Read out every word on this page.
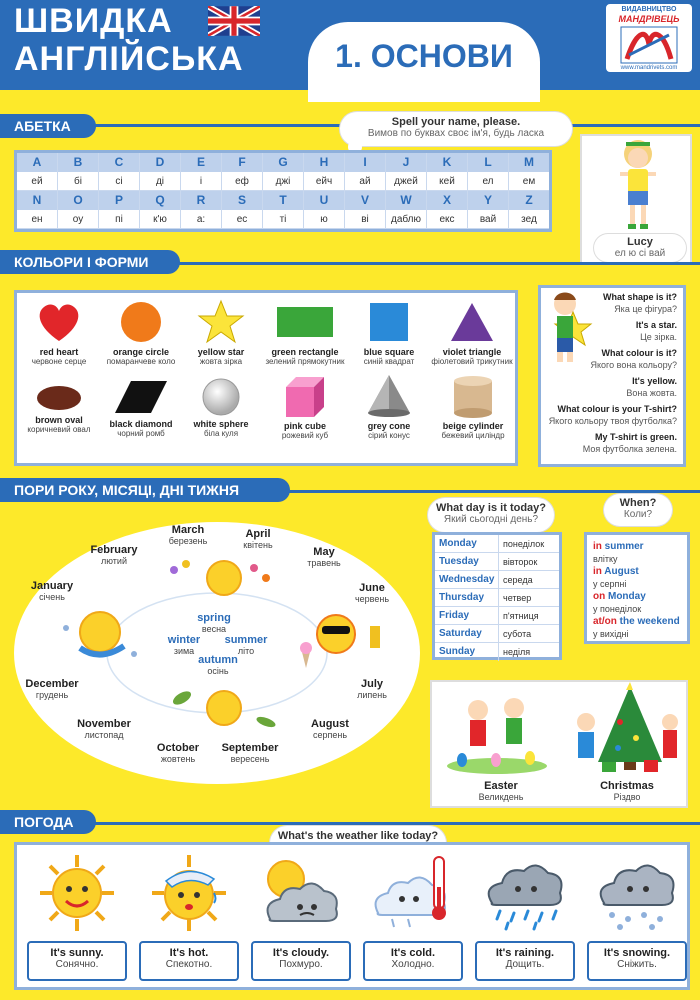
ШВИДКА
АНГЛІЙСЬКА	1. ОСНОВИ
ВИДАВНИЦТВО
МАНДРІВЕЦЬ
www.mandrivets.com
АБЕТКА	Spell your name, please.
Вимов по буквах своє ім'я, будь ласка
A	B	C	D	E	F	G	H	I	J	K	L	M
ей	бі	сі	ді	і	еф	джі	ейч	ай	джей	кей	ел	ем
N	O	P	Q	R	S	T	U	V	W	X	Y	Z
ен	оу	пі	к'ю	а:	ес	ті	ю	ві	даблю	екс	вай	зед
Lucy
ел ю сі вай
КОЛЬОРИ І ФОРМИ
red heart
червоне серце
orange circle
помаранчеве коло
yellow star
жовта зірка
green rectangle
зелений прямокутник
blue square
синій квадрат
violet triangle
фіолетовий трикутник
brown oval
коричневий овал
black diamond
чорний ромб
white sphere
біла куля
pink cube
рожевий куб
grey cone
сірий конус
beige cylinder
бежевий циліндр
What shape is it?
Яка це фігура?
It's a star.
Це зірка.
What colour is it?
Якого вона кольору?
It's yellow.
Вона жовта.
What colour is your T-shirt?
Якого кольору твоя футболка?
My T-shirt is green.
Моя футболка зелена.
ПОРИ РОКУ, МІСЯЦІ, ДНІ ТИЖНЯ
January
січень
February
лютий
March
березень
April
квітень
May
травень
June
червень
July
липень
August
серпень
September
вересень
October
жовтень
November
листопад
December
грудень
spring
весна
summer
літо
autumn
осінь
winter
зима
What day is it today?
Який сьогодні день?
Monday	понеділок
Tuesday	вівторок
Wednesday середа
Thursday	четвер
Friday	п'ятниця
Saturday	субота
Sunday	неділя
When?
Коли?
in summer
влітку
in August
у серпні
on Monday
у понеділок
at/on the weekend
у вихідні
Easter
Великдень
Christmas
Різдво
ПОГОДА
What's the weather like today?
It's sunny.
Сонячно.
It's hot.
Спекотно.
It's cloudy.
Похмуро.
It's cold.
Холодно.
It's raining.
Дощить.
It's snowing.
Сніжить.
